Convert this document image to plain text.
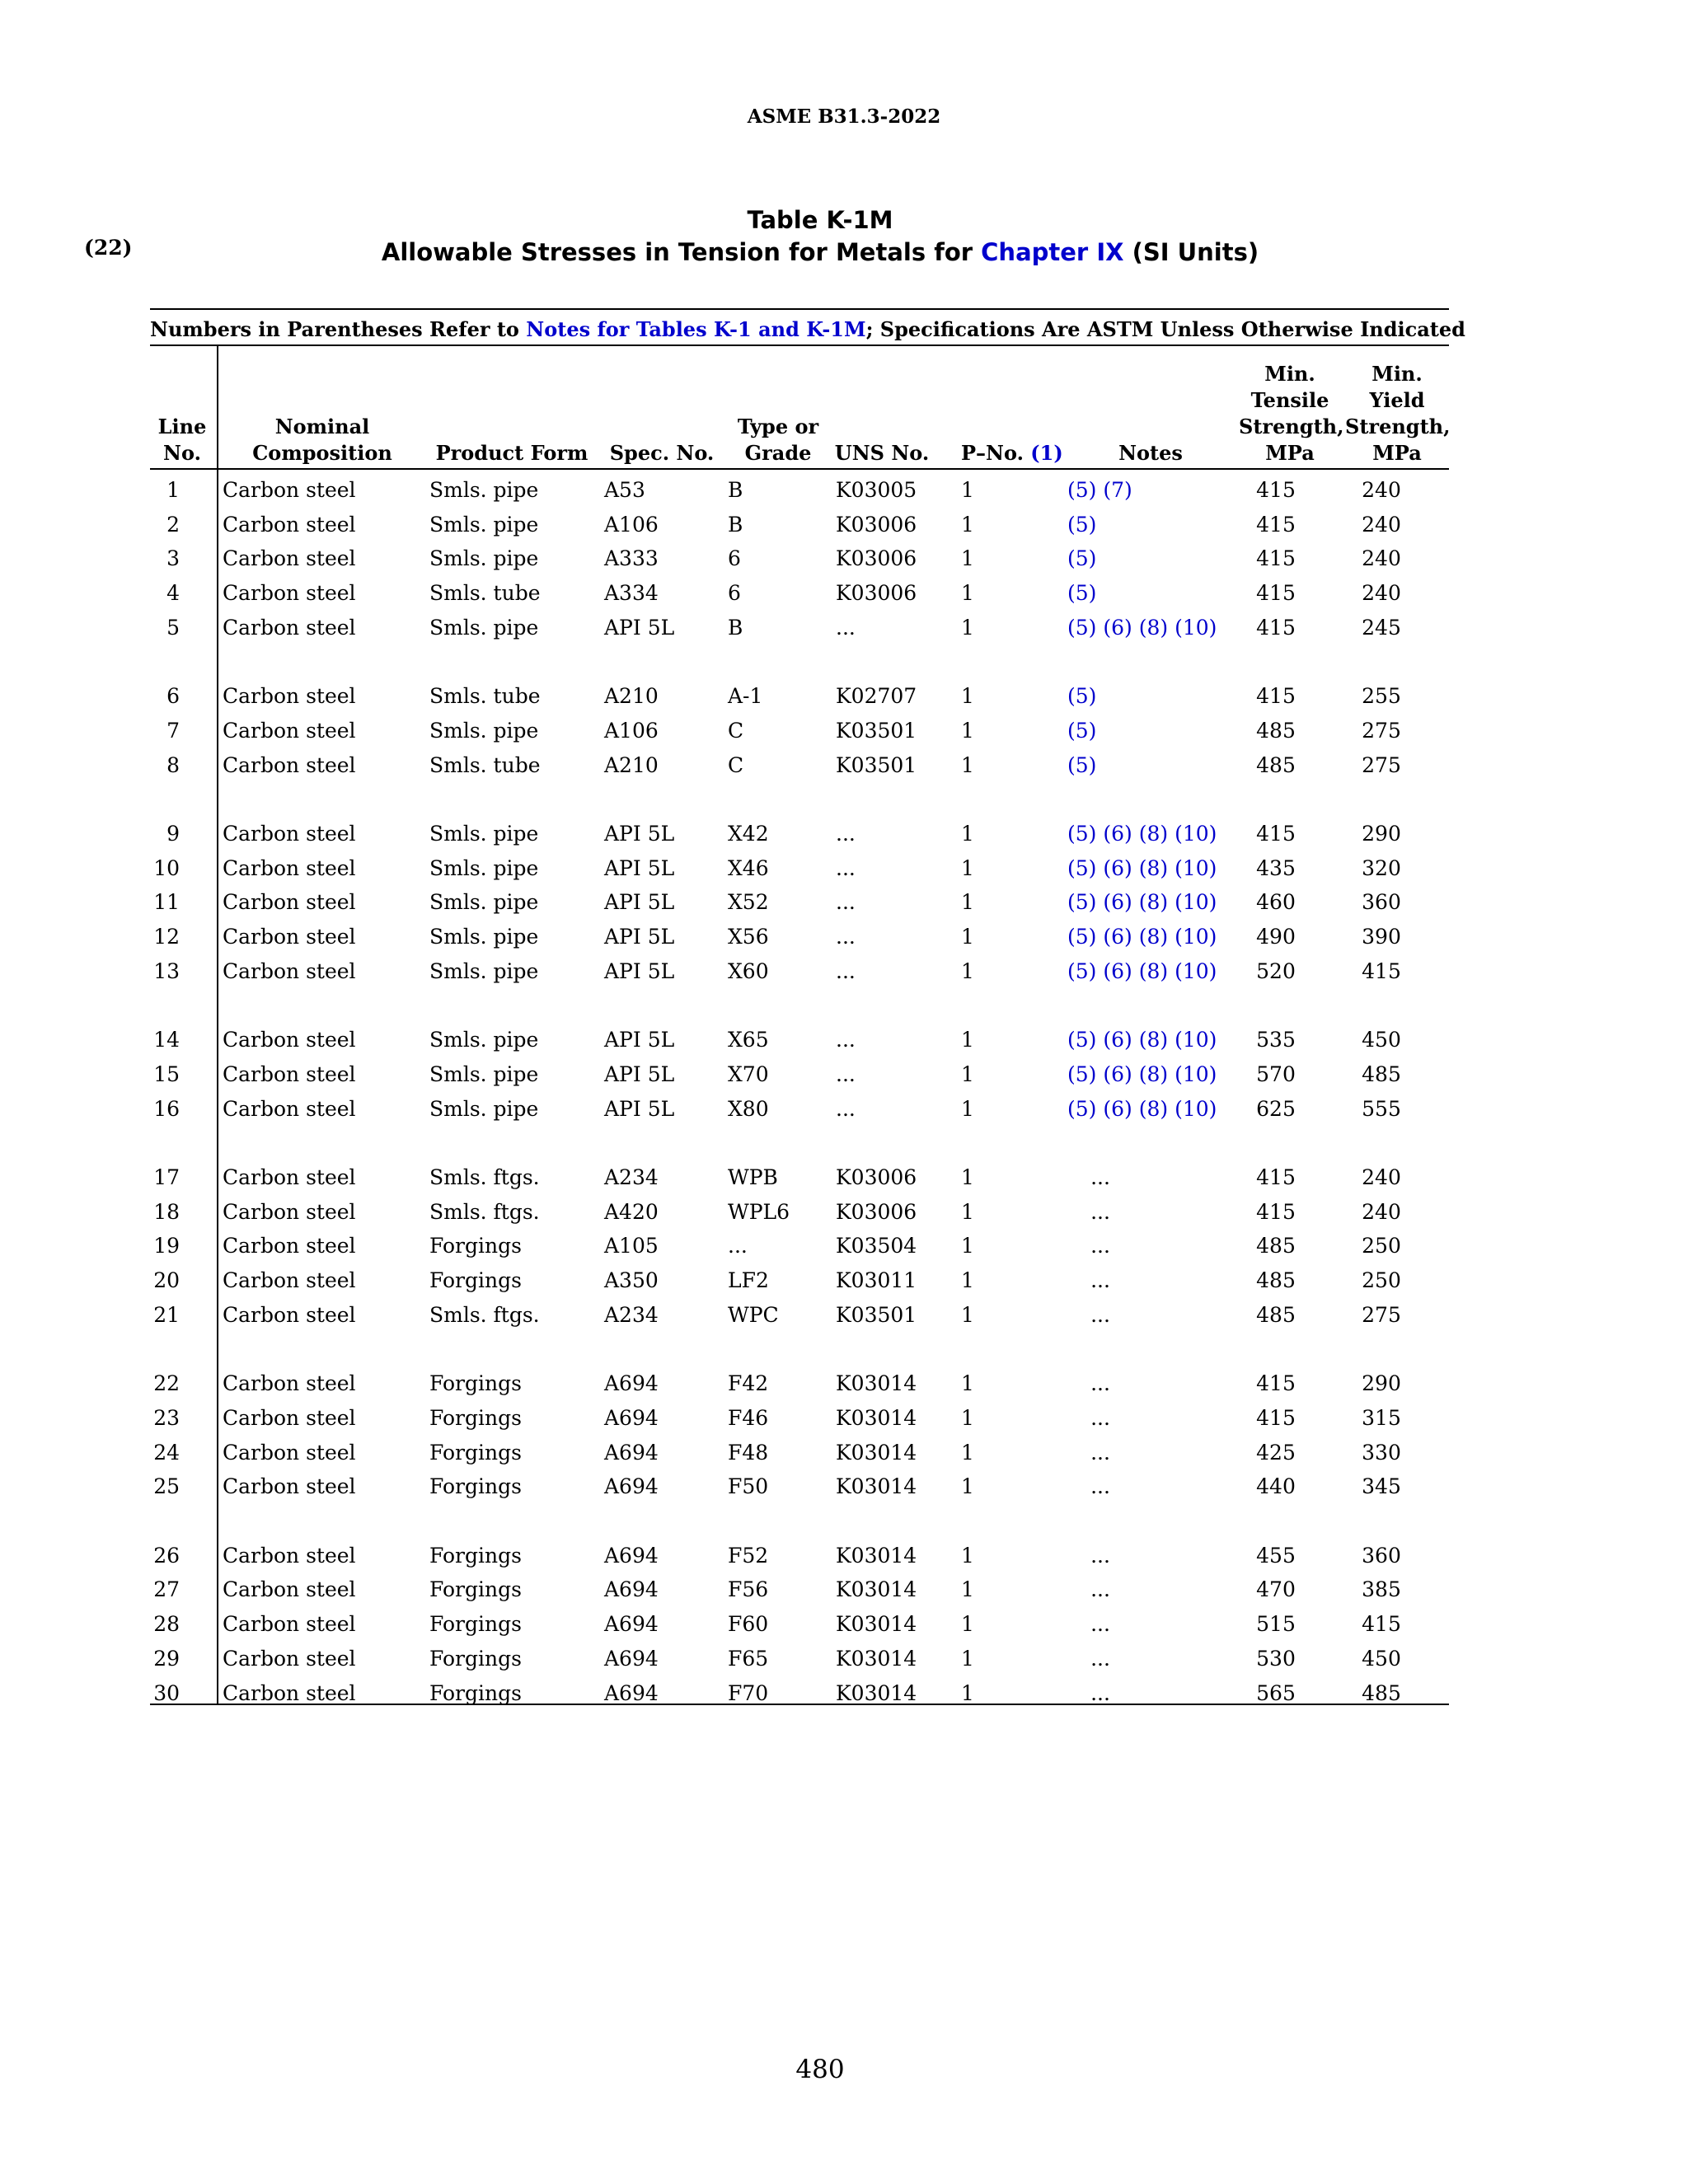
ASME B31.3-2022
(22)
Table K-1M
Allowable Stresses in Tension for Metals for Chapter IX (SI Units)
Numbers in Parentheses Refer to Notes for Tables K-1 and K-1M; Specifications Are ASTM Unless Otherwise Indicated
Line
No.
Nominal
Composition	Product Form	Spec. No.
Type or
Grade	UNS No. P–No. (1)	Notes
Min.
Tensile
Strength,
MPa
Min.
Yield
Strength,
MPa
1 Carbon steel	Smls. pipe	A53	B	K03005 1	(5) (7)	415	240
2 Carbon steel	Smls. pipe	A106	B	K03006 1	(5)	415	240
3 Carbon steel	Smls. pipe	A333	6	K03006 1	(5)	415	240
4 Carbon steel	Smls. tube	A334	6	K03006 1	(5)	415	240
5 Carbon steel	Smls. pipe	API 5L	B	...	1	(5) (6) (8) (10)	415	245
6 Carbon steel	Smls. tube	A210	A-1	K02707 1	(5)	415	255
7 Carbon steel	Smls. pipe	A106	C	K03501 1	(5)	485	275
8 Carbon steel	Smls. tube	A210	C	K03501 1	(5)	485	275
9 Carbon steel	Smls. pipe	API 5L	X42	...	1	(5) (6) (8) (10)	415	290
10 Carbon steel	Smls. pipe	API 5L	X46	...	1	(5) (6) (8) (10)	435	320
11 Carbon steel	Smls. pipe	API 5L	X52	...	1	(5) (6) (8) (10)	460	360
12 Carbon steel	Smls. pipe	API 5L	X56	...	1	(5) (6) (8) (10)	490	390
13 Carbon steel	Smls. pipe	API 5L	X60	...	1	(5) (6) (8) (10)	520	415
14 Carbon steel	Smls. pipe	API 5L	X65	...	1	(5) (6) (8) (10)	535	450
15 Carbon steel	Smls. pipe	API 5L	X70	...	1	(5) (6) (8) (10)	570	485
16 Carbon steel	Smls. pipe	API 5L	X80	...	1	(5) (6) (8) (10)	625	555
17 Carbon steel	Smls. ftgs.	A234	WPB	K03006 1	...	415	240
18 Carbon steel	Smls. ftgs.	A420	WPL6 K03006 1	...	415	240
19 Carbon steel	Forgings	A105	...	K03504 1	...	485	250
20 Carbon steel	Forgings	A350	LF2	K03011 1	...	485	250
21 Carbon steel	Smls. ftgs.	A234	WPC	K03501 1	...	485	275
22 Carbon steel	Forgings	A694	F42	K03014 1	...	415	290
23 Carbon steel	Forgings	A694	F46	K03014 1	...	415	315
24 Carbon steel	Forgings	A694	F48	K03014 1	...	425	330
25 Carbon steel	Forgings	A694	F50	K03014 1	...	440	345
26 Carbon steel	Forgings	A694	F52	K03014 1	...	455	360
27 Carbon steel	Forgings	A694	F56	K03014 1	...	470	385
28 Carbon steel	Forgings	A694	F60	K03014 1	...	515	415
29 Carbon steel	Forgings	A694	F65	K03014 1	...	530	450
30 Carbon steel	Forgings	A694	F70	K03014 1	...	565	485
480
